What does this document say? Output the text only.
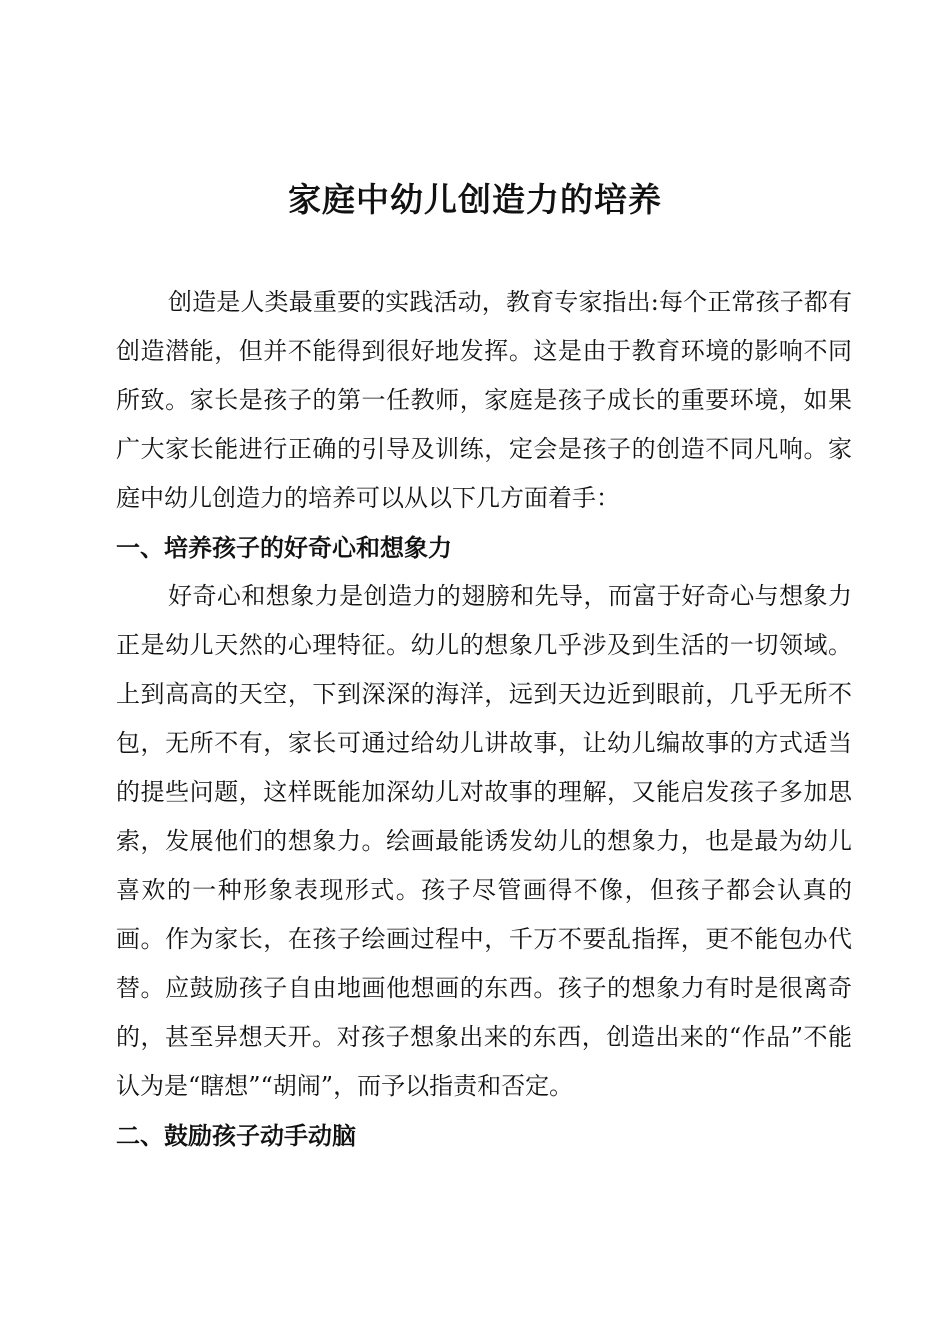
家庭中幼儿创造力的培养

创造是人类最重要的实践活动，教育专家指出:每个正常孩子都有创造潜能，但并不能得到很好地发挥。这是由于教育环境的影响不同所致。家长是孩子的第一任教师，家庭是孩子成长的重要环境，如果广大家长能进行正确的引导及训练，定会是孩子的创造不同凡响。家庭中幼儿创造力的培养可以从以下几方面着手：

一、培养孩子的好奇心和想象力

好奇心和想象力是创造力的翅膀和先导，而富于好奇心与想象力正是幼儿天然的心理特征。幼儿的想象几乎涉及到生活的一切领域。上到高高的天空，下到深深的海洋，远到天边近到眼前，几乎无所不包，无所不有，家长可通过给幼儿讲故事，让幼儿编故事的方式适当的提些问题，这样既能加深幼儿对故事的理解，又能启发孩子多加思索，发展他们的想象力。绘画最能诱发幼儿的想象力，也是最为幼儿喜欢的一种形象表现形式。孩子尽管画得不像，但孩子都会认真的画。作为家长，在孩子绘画过程中，千万不要乱指挥，更不能包办代替。应鼓励孩子自由地画他想画的东西。孩子的想象力有时是很离奇的，甚至异想天开。对孩子想象出来的东西，创造出来的“作品”不能认为是“瞎想”“胡闹”，而予以指责和否定。

二、鼓励孩子动手动脑
